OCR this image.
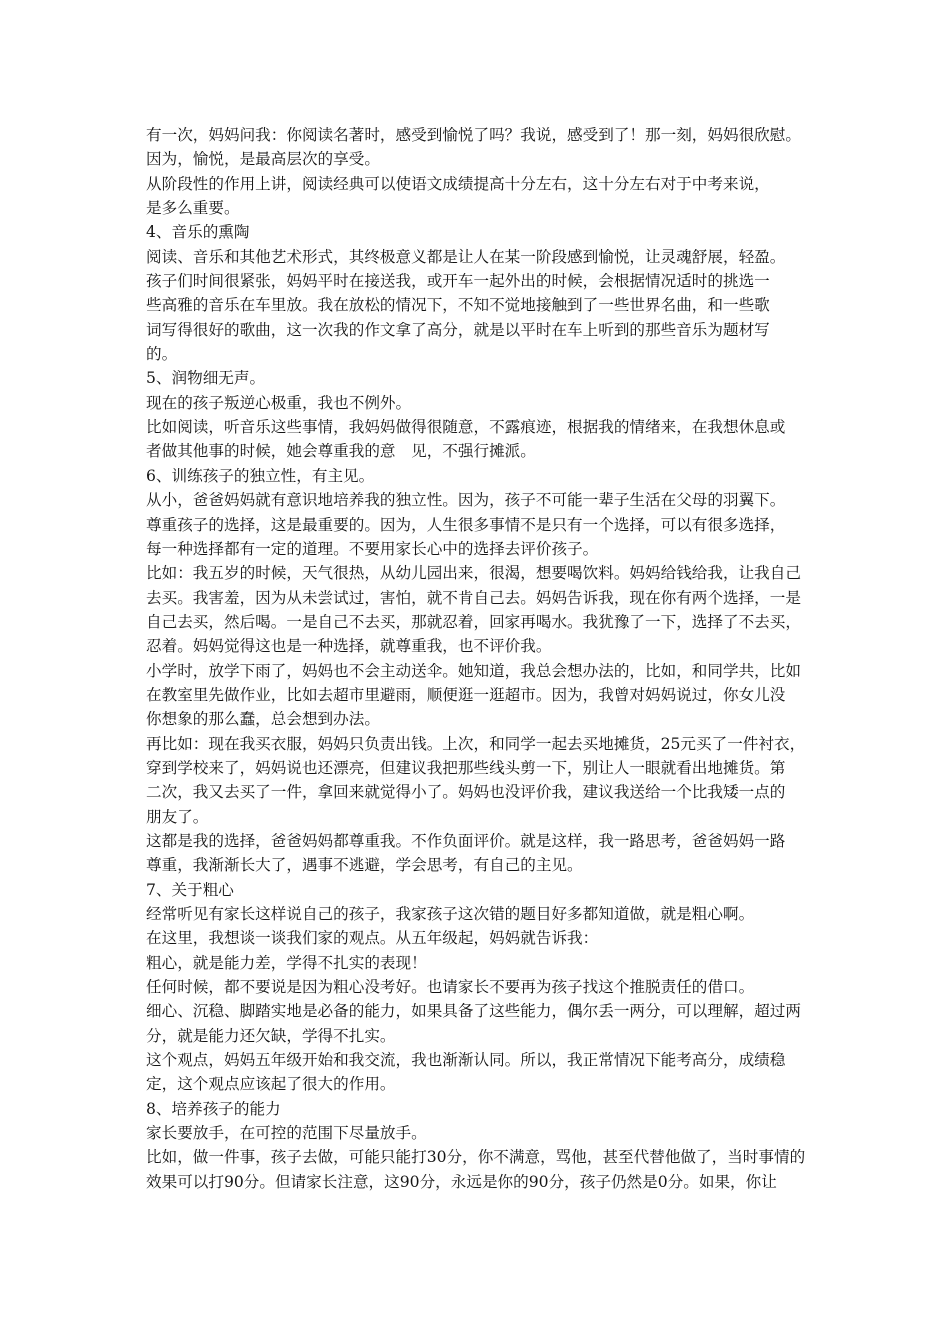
有一次，妈妈问我：你阅读名著时，感受到愉悦了吗？我说，感受到了！那一刻，妈妈很欣慰。
因为，愉悦，是最高层次的享受。
从阶段性的作用上讲，阅读经典可以使语文成绩提高十分左右，这十分左右对于中考来说，
是多么重要。
4、音乐的熏陶
阅读、音乐和其他艺术形式，其终极意义都是让人在某一阶段感到愉悦，让灵魂舒展，轻盈。
孩子们时间很紧张，妈妈平时在接送我，或开车一起外出的时候，会根据情况适时的挑选一
些高雅的音乐在车里放。我在放松的情况下，不知不觉地接触到了一些世界名曲，和一些歌
词写得很好的歌曲，这一次我的作文拿了高分，就是以平时在车上听到的那些音乐为题材写
的。
5、润物细无声。
现在的孩子叛逆心极重，我也不例外。
比如阅读，听音乐这些事情，我妈妈做得很随意，不露痕迹，根据我的情绪来，在我想休息或
者做其他事的时候，她会尊重我的意　见，不强行摊派。
6、训练孩子的独立性，有主见。
从小，爸爸妈妈就有意识地培养我的独立性。因为，孩子不可能一辈子生活在父母的羽翼下。
尊重孩子的选择，这是最重要的。因为，人生很多事情不是只有一个选择，可以有很多选择，
每一种选择都有一定的道理。不要用家长心中的选择去评价孩子。
比如：我五岁的时候，天气很热，从幼儿园出来，很渴，想要喝饮料。妈妈给钱给我，让我自己
去买。我害羞，因为从未尝试过，害怕，就不肯自己去。妈妈告诉我，现在你有两个选择，一是
自己去买，然后喝。一是自己不去买，那就忍着，回家再喝水。我犹豫了一下，选择了不去买，
忍着。妈妈觉得这也是一种选择，就尊重我，也不评价我。
小学时，放学下雨了，妈妈也不会主动送伞。她知道，我总会想办法的，比如，和同学共，比如
在教室里先做作业，比如去超市里避雨，顺便逛一逛超市。因为，我曾对妈妈说过，你女儿没
你想象的那么蠢，总会想到办法。
再比如：现在我买衣服，妈妈只负责出钱。上次，和同学一起去买地摊货，25元买了一件衬衣，
穿到学校来了，妈妈说也还漂亮，但建议我把那些线头剪一下，别让人一眼就看出地摊货。第
二次，我又去买了一件，拿回来就觉得小了。妈妈也没评价我，建议我送给一个比我矮一点的
朋友了。
这都是我的选择，爸爸妈妈都尊重我。不作负面评价。就是这样，我一路思考，爸爸妈妈一路
尊重，我渐渐长大了，遇事不逃避，学会思考，有自己的主见。
7、关于粗心
经常听见有家长这样说自己的孩子，我家孩子这次错的题目好多都知道做，就是粗心啊。
在这里，我想谈一谈我们家的观点。从五年级起，妈妈就告诉我：
粗心，就是能力差，学得不扎实的表现！
任何时候，都不要说是因为粗心没考好。也请家长不要再为孩子找这个推脱责任的借口。
细心、沉稳、脚踏实地是必备的能力，如果具备了这些能力，偶尔丢一两分，可以理解，超过两
分，就是能力还欠缺，学得不扎实。
这个观点，妈妈五年级开始和我交流，我也渐渐认同。所以，我正常情况下能考高分，成绩稳
定，这个观点应该起了很大的作用。
8、培养孩子的能力
家长要放手，在可控的范围下尽量放手。
比如，做一件事，孩子去做，可能只能打30分，你不满意，骂他，甚至代替他做了，当时事情的
效果可以打90分。但请家长注意，这90分，永远是你的90分，孩子仍然是0分。如果，你让
